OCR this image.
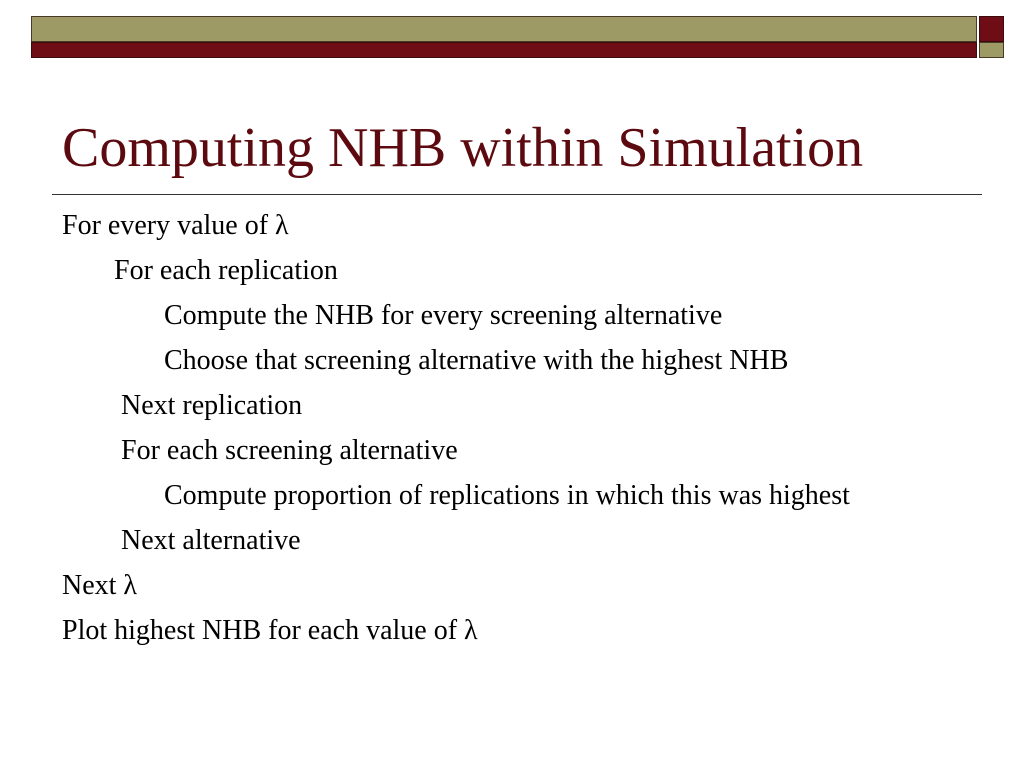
Computing NHB within Simulation
For every value of λ
For each replication
Compute the NHB for every screening alternative
Choose that screening alternative with the highest NHB
Next replication
For each screening alternative
Compute proportion of replications in which this was highest
Next alternative
Next λ
Plot highest NHB for each value of λ
